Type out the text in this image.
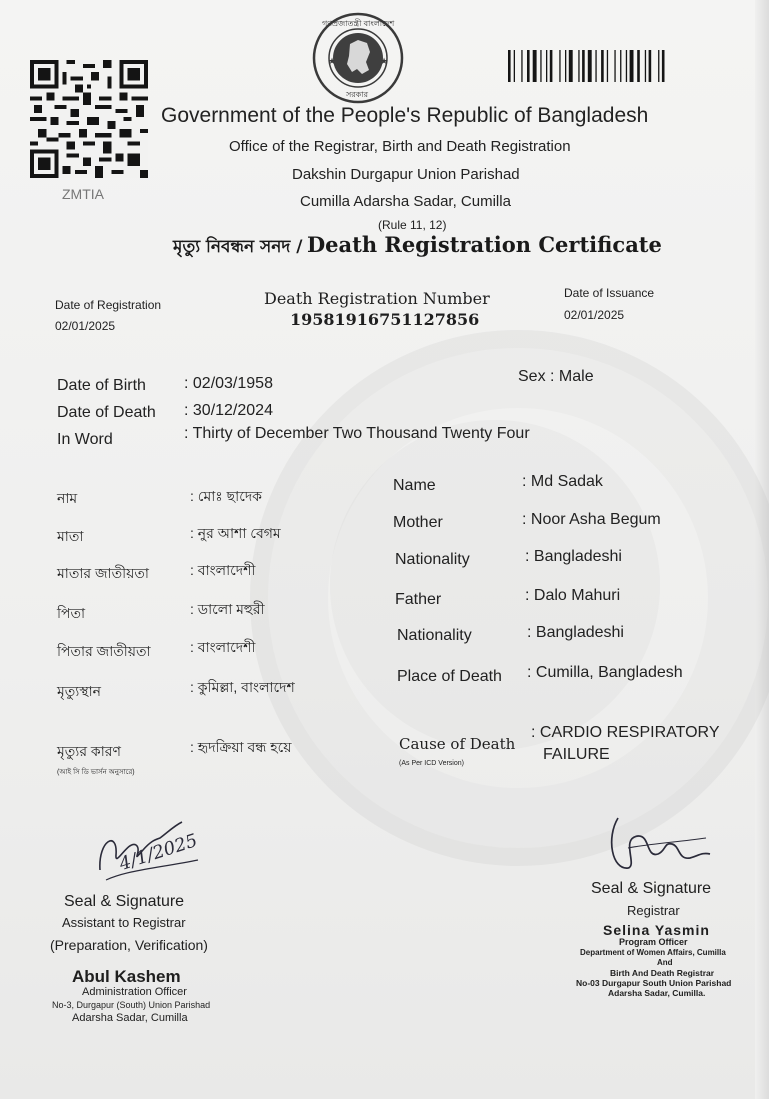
ZMTIA
★	★
গণপ্রজাতন্ত্রী বাংলাদেশ
সরকার
Government of the People's Republic of Bangladesh
Office of the Registrar, Birth and Death Registration
Dakshin Durgapur Union Parishad
Cumilla Adarsha Sadar, Cumilla
(Rule 11, 12)
মৃত্যু নিবন্ধন সনদ / Death Registration Certificate
Date of Registration
02/01/2025
Death Registration Number
19581916751127856
Date of Issuance
02/01/2025
Date of Birth : 02/03/1958
Date of Death : 30/12/2024
In Word	: Thirty of December Two Thousand Twenty Four
Sex : Male
নাম	: মোঃ ছাদেক
মাতা	: নুর আশা বেগম
মাতার জাতীয়তা	: বাংলাদেশী
পিতা	: ডালো মহুরী
পিতার জাতীয়তা	: বাংলাদেশী
মৃত্যুস্থান	: কুমিল্লা, বাংলাদেশ
মৃত্যুর কারণ	: হৃদক্রিয়া বন্ধ হয়ে
(আই সি ডি ভার্সন অনুসারে)
Name	: Md Sadak
Mother	: Noor Asha Begum
Nationality	: Bangladeshi
Father	: Dalo Mahuri
Nationality	: Bangladeshi
Place of Death : Cumilla, Bangladesh
Cause of Death
(As Per ICD Version)
: CARDIO RESPIRATORY
FAILURE
4/1/2025
Seal & Signature
Assistant to Registrar
(Preparation, Verification)
Abul Kashem
Administration Officer
No-3, Durgapur (South) Union Parishad
Adarsha Sadar, Cumilla
Seal & Signature
Registrar
Selina Yasmin
Program Officer
Department of Women Affairs, Cumilla
And
Birth And Death Registrar
No-03 Durgapur South Union Parishad
Adarsha Sadar, Cumilla.
